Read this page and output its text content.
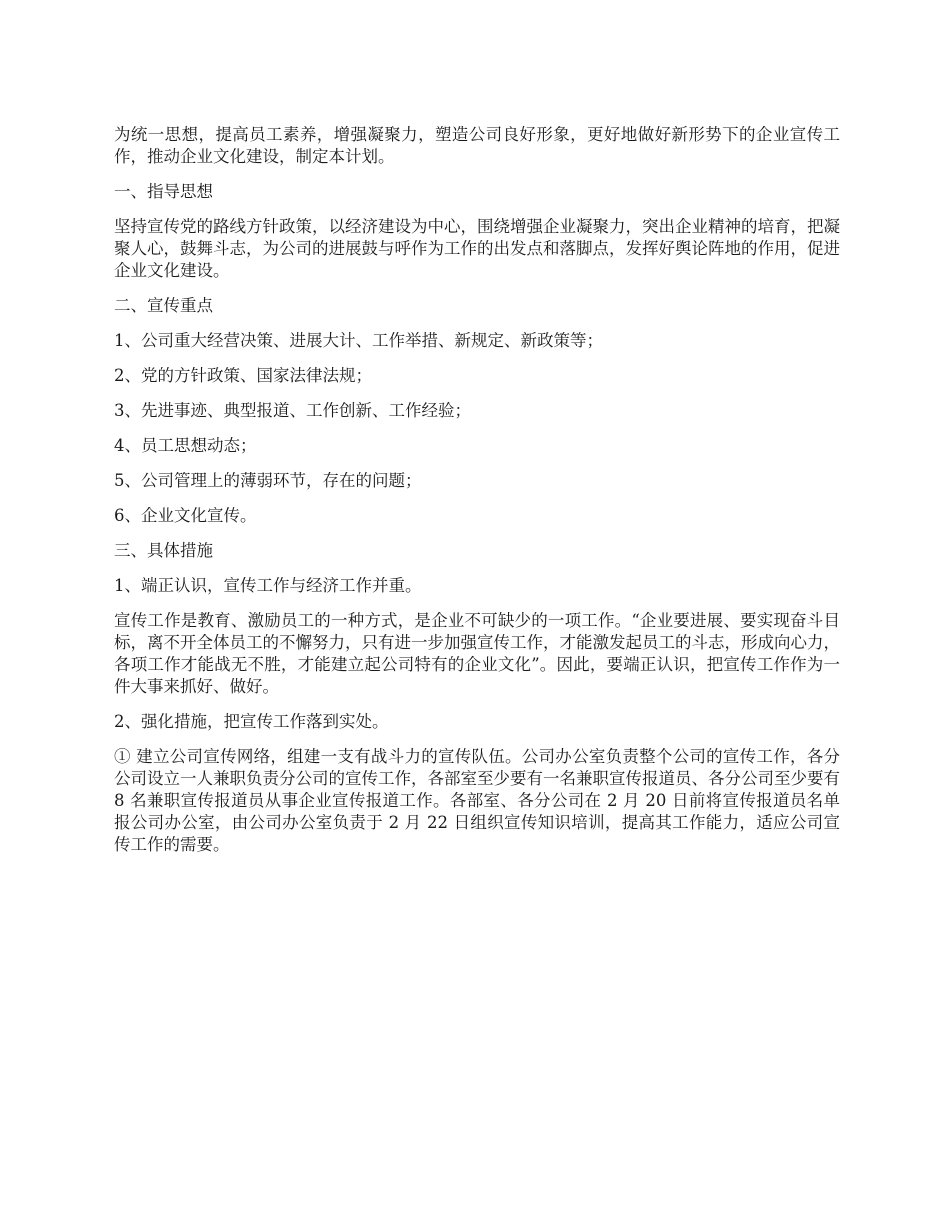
为统一思想，提高员工素养，增强凝聚力，塑造公司良好形象，更好地做好新形势下的企业宣传工作，推动企业文化建设，制定本计划。

一、指导思想

坚持宣传党的路线方针政策，以经济建设为中心，围绕增强企业凝聚力，突出企业精神的培育，把凝聚人心，鼓舞斗志，为公司的进展鼓与呼作为工作的出发点和落脚点，发挥好舆论阵地的作用，促进企业文化建设。

二、宣传重点

1、公司重大经营决策、进展大计、工作举措、新规定、新政策等；

2、党的方针政策、国家法律法规；

3、先进事迹、典型报道、工作创新、工作经验；

4、员工思想动态；

5、公司管理上的薄弱环节，存在的问题；

6、企业文化宣传。

三、具体措施

1、端正认识，宣传工作与经济工作并重。

宣传工作是教育、激励员工的一种方式，是企业不可缺少的一项工作。“企业要进展、要实现奋斗目标，离不开全体员工的不懈努力，只有进一步加强宣传工作，才能激发起员工的斗志，形成向心力，各项工作才能战无不胜，才能建立起公司特有的企业文化”。因此，要端正认识，把宣传工作作为一件大事来抓好、做好。

2、强化措施，把宣传工作落到实处。

① 建立公司宣传网络，组建一支有战斗力的宣传队伍。公司办公室负责整个公司的宣传工作，各分公司设立一人兼职负责分公司的宣传工作，各部室至少要有一名兼职宣传报道员、各分公司至少要有 8 名兼职宣传报道员从事企业宣传报道工作。各部室、各分公司在 2 月 20 日前将宣传报道员名单报公司办公室，由公司办公室负责于 2 月 22 日组织宣传知识培训，提高其工作能力，适应公司宣传工作的需要。
